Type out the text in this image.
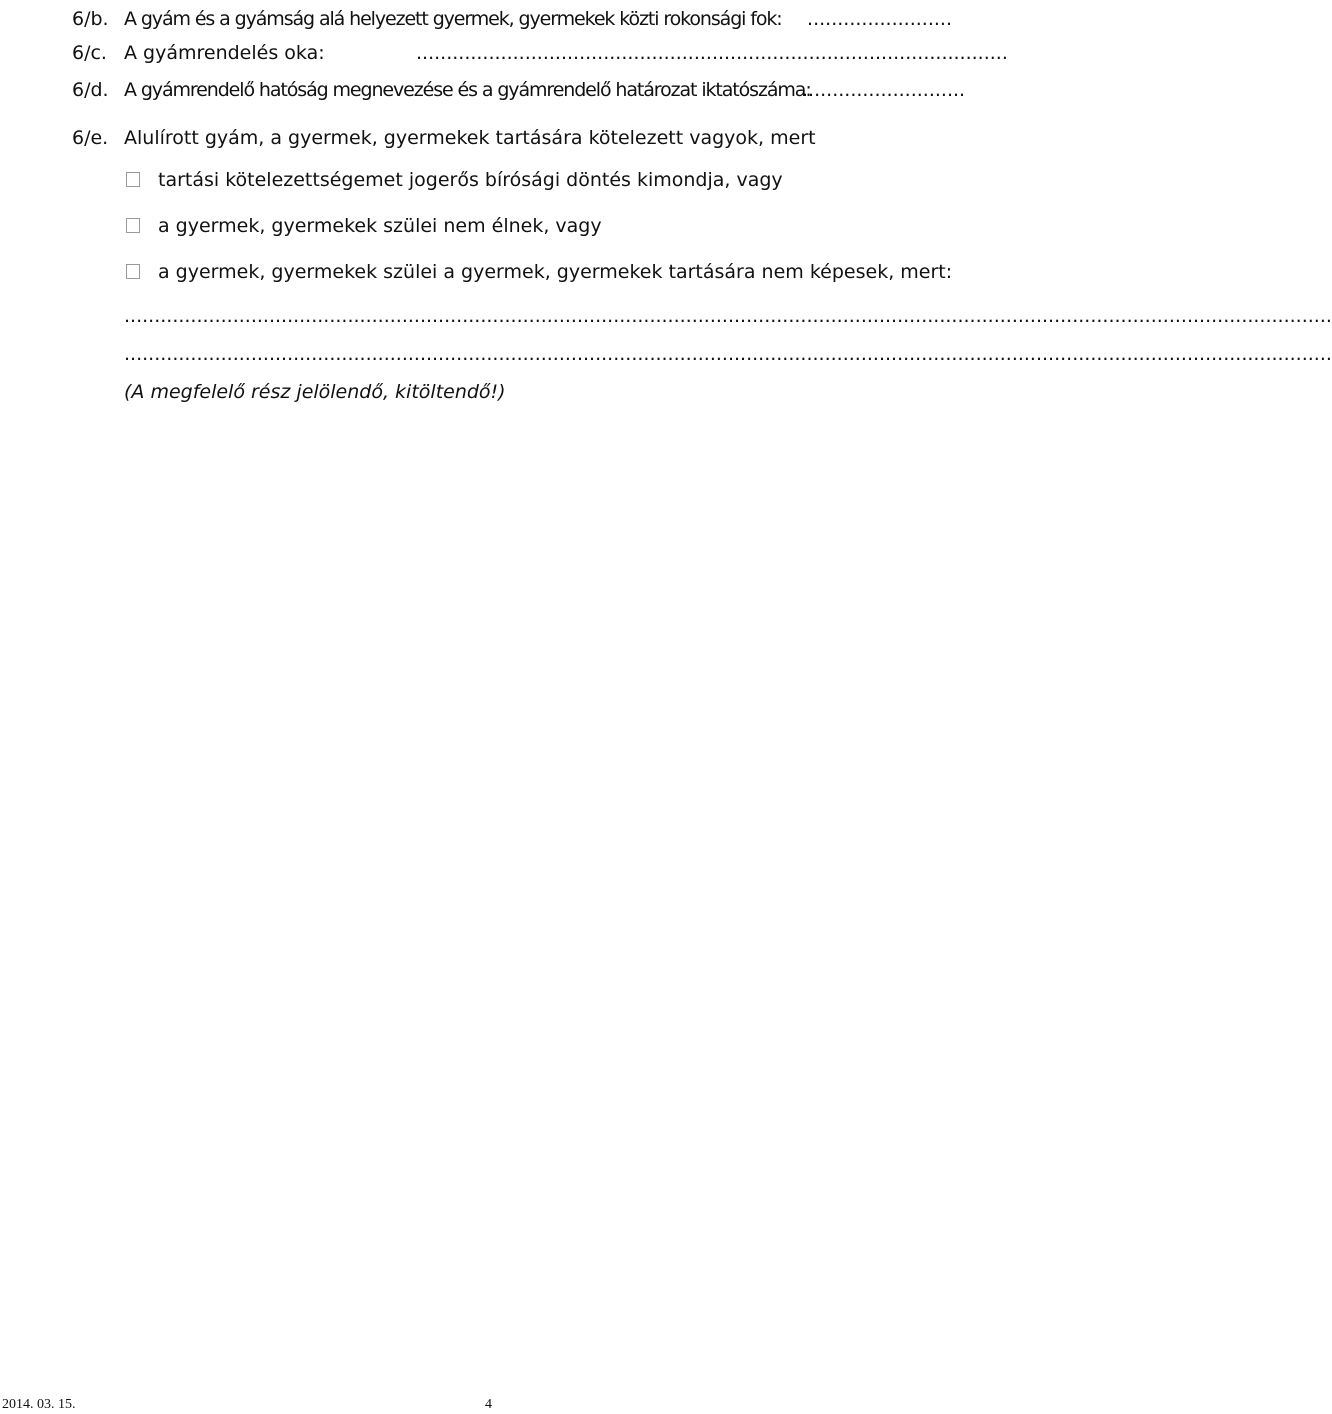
6/b. A gyám és a gyámság alá helyezett gyermek, gyermekek közti rokonsági fok:	........................
6/c. A gyámrendelés oka:	..................................................................................................
6/d. A gyámrendelő hatóság megnevezése és a gyámrendelő határozat iktatószáma:
...........................
6/e. Alulírott gyám, a gyermek, gyermekek tartására kötelezett vagyok, mert
tartási kötelezettségemet jogerős bírósági döntés kimondja, vagy
a gyermek, gyermekek szülei nem élnek, vagy
a gyermek, gyermekek szülei a gyermek, gyermekek tartására nem képesek, mert:
........................................................................................................................................................................................................
........................................................................................................................................................................................................
(A megfelelő rész jelölendő, kitöltendő!)
2014. 03. 15.	4
